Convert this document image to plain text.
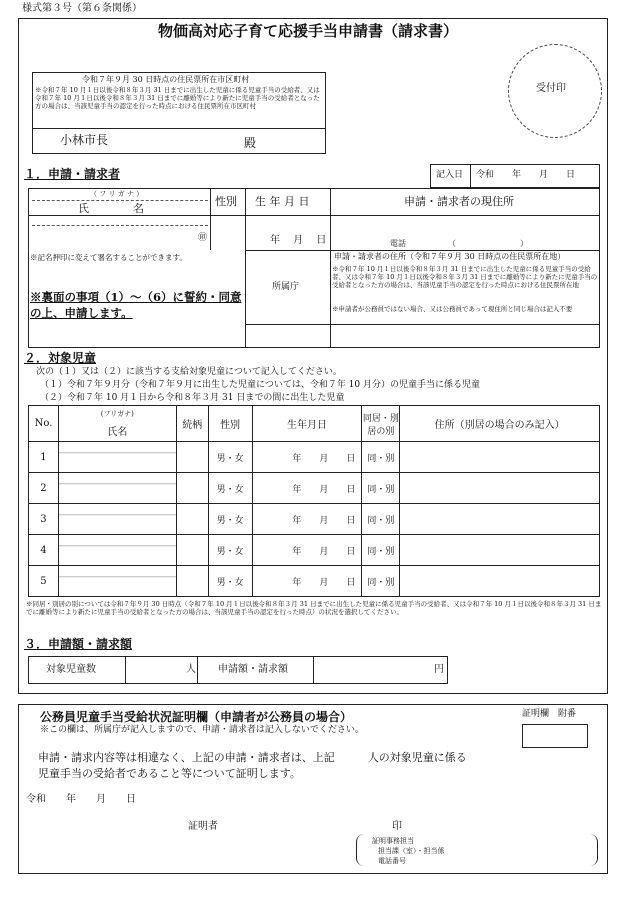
様式第３号（第６条関係）
物価高対応子育て応援手当申請書（請求書）
令和７年９月 30 日時点の住民票所在市区町村
※令和７年 10 月１日以後令和８年３月 31 日までに出生した児童に係る児童手当の受給者、又は令和７年 10 月１日以後令和８年３月 31 日までに離婚等により新たに児童手当の受給者となった方の場合は、当該児童手当の認定を行った時点における住民票所在市区町村
小林市長	殿
受付印
１．申請・請求者	記入日 令和　　年　　月　　日
（ フ リ ガ ナ ）
氏　　　　名
㊞
性別 生 年 月 日
年　 月　 日
申請・請求者の現住所
電話	（　　　　　　　　）
※記名押印に変えて署名することができます。
※裏面の事項（1）～（6）に誓約・同意の上、申請します。
所属庁
申請・請求者の住所（令和７年９月 30 日時点の住民票所在地）
※令和７年 10 月１日以後令和８年３月 31 日までに出生した児童に係る児童手当の受給者、又は令和７年 10 月１日以後令和８年３月 31 日までに離婚等により新たに児童手当の受給者となった方の場合は、当該児童手当の認定を行った時点における住民票所在地
※申請者が公務員ではない場合、又は公務員であって現住所と同じ場合は記入不要
２．対象児童
次の（１）又は（２）に該当する支給対象児童について記入してください。
（１）令和７年９月分（令和７年９月に出生した児童については、令和７年 10 月分）の児童手当に係る児童
（２）令和７年 10 月１日から令和８年３月 31 日までの間に出生した児童
No.	(フリガナ)
氏名	続柄	性別	生年月日	同居・別居の別	住所（別居の場合のみ記入）
1			男・女	年　　月　　日	同・別	
2			男・女	年　　月　　日	同・別	
3			男・女	年　　月　　日	同・別	
4			男・女	年　　月　　日	同・別	
5			男・女	年　　月　　日	同・別	
※同居・別居の別については令和７年９月 30 日時点（令和７年 10 月１日以後令和８年３月 31 日までに出生した児童に係る児童手当の受給者、又は令和７年 10 月１日以後令和８年３月 31 日までに離婚等により新たに児童手当の受給者となった方の場合は、当該児童手当の認定を行った時点）の状況を選択してください。
３．申請額・請求額
対象児童数	人 申請額・請求額	円
公務員児童手当受給状況証明欄（申請者が公務員の場合）
※この欄は、所属庁が記入しますので、申請・請求者は記入しないでください。
証明欄　附番
申請・請求内容等は相違なく、上記の申請・請求者は、上記　　　人の対象児童に係る
児童手当の受給者であること等について証明します。
令和　　年　　月　　日
証明者	印
証明事務担当
担当課（室）・担当係
電話番号
